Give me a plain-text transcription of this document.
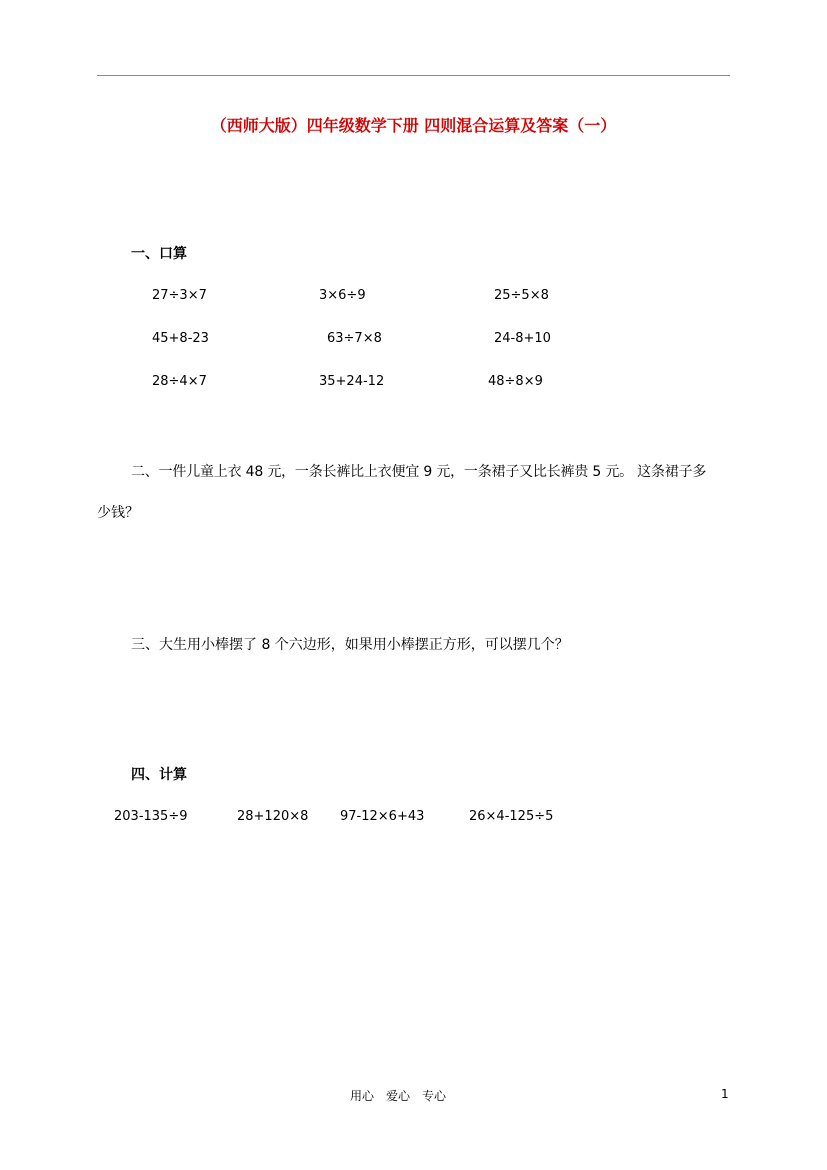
（西师大版）四年级数学下册 四则混合运算及答案（一）
一、口算
27÷3×7	3×6÷9	25÷5×8
45+8-23	63÷7×8	24-8+10
28÷4×7	35+24-12	48÷8×9
二、一件儿童上衣 48 元，一条长裤比上衣便宜 9 元，一条裙子又比长裤贵 5 元。 这条裙子多
少钱？
三、大生用小棒摆了 8 个六边形，如果用小棒摆正方形，可以摆几个？
四、计算
203-135÷9	28+120×8 97-12×6+43	26×4-125÷5
用心　爱心　专心	1
